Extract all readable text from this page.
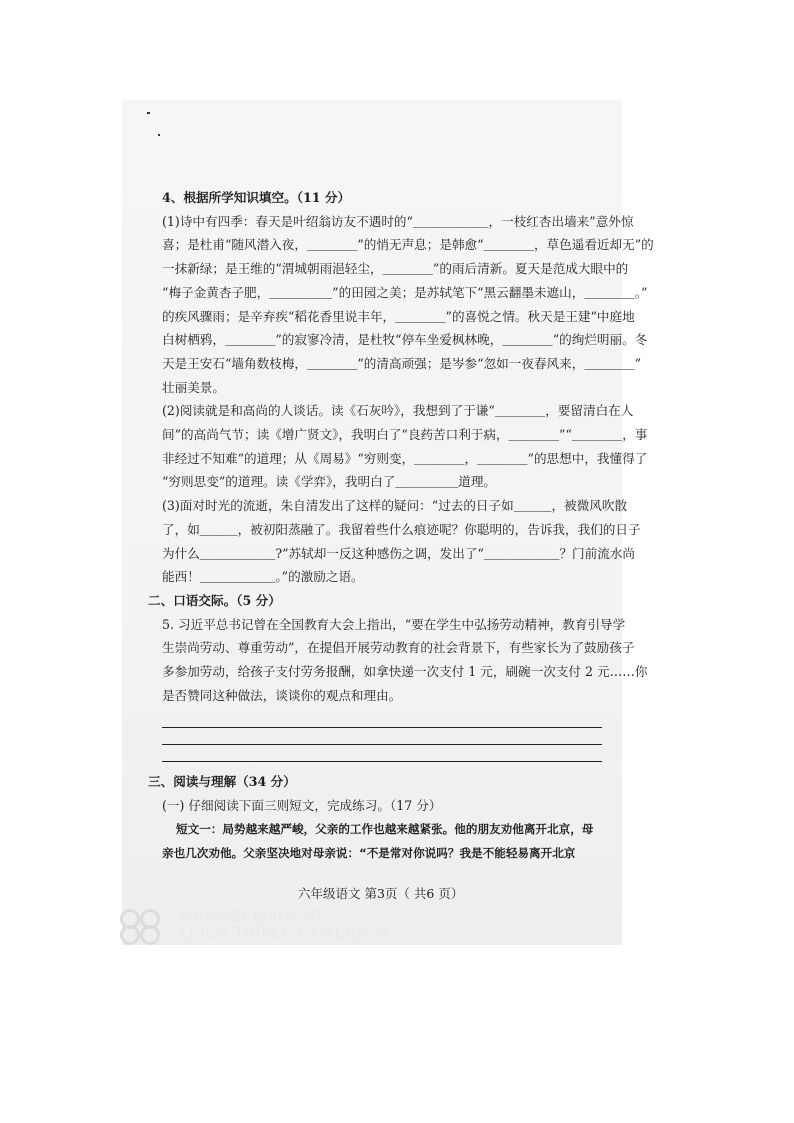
4、根据所学知识填空。（11 分）

(1)诗中有四季：春天是叶绍翁访友不遇时的“＿＿＿＿＿＿，一枝红杏出墙来”意外惊

喜；是杜甫“随风潜入夜，＿＿＿＿”的悄无声息；是韩愈“＿＿＿＿，草色遥看近却无”的

一抹新绿；是王维的“渭城朝雨浥轻尘，＿＿＿＿”的雨后清新。夏天是范成大眼中的

“梅子金黄杏子肥，＿＿＿＿＿”的田园之美；是苏轼笔下“黑云翻墨未遮山，＿＿＿＿。”

的疾风骤雨；是辛弃疾“稻花香里说丰年，＿＿＿＿”的喜悦之情。秋天是王建“中庭地

白树栖鸦，＿＿＿＿”的寂寥冷清，是杜牧“停车坐爱枫林晚，＿＿＿＿”的绚烂明丽。冬

天是王安石“墙角数枝梅，＿＿＿＿”的清高顽强；是岑参“忽如一夜春风来，＿＿＿＿”

壮丽美景。

(2)阅读就是和高尚的人谈话。读《石灰吟》，我想到了于谦“＿＿＿＿，要留清白在人

间”的高尚气节；读《增广贤文》，我明白了“良药苦口利于病，＿＿＿＿”“＿＿＿＿，事

非经过不知难”的道理；从《周易》“穷则变，＿＿＿＿，＿＿＿＿”的思想中，我懂得了

“穷则思变”的道理。读《学弈》，我明白了＿＿＿＿＿道理。

(3)面对时光的流逝，朱自清发出了这样的疑问：“过去的日子如＿＿＿，被微风吹散

了，如＿＿＿，被初阳蒸融了。我留着些什么痕迹呢？你聪明的，告诉我，我们的日子

为什么＿＿＿＿＿＿?”苏轼却一反这种感伤之调，发出了“＿＿＿＿＿＿？门前流水尚

能西！＿＿＿＿＿＿。”的激励之语。

二、口语交际。（5 分）

5. 习近平总书记曾在全国教育大会上指出，“要在学生中弘扬劳动精神，教育引导学

生崇尚劳动、尊重劳动”，在提倡开展劳动教育的社会背景下，有些家长为了鼓励孩子

多参加劳动，给孩子支付劳务报酬，如拿快递一次支付 1 元，刷碗一次支付 2 元……你

是否赞同这种做法，谈谈你的观点和理由。

三、阅读与理解（34 分）

(一) 仔细阅读下面三则短文，完成练习。（17 分）

短文一：局势越来越严峻，父亲的工作也越来越紧张。他的朋友劝他离开北京，母

亲也几次劝他。父亲坚决地对母亲说：“不是常对你说吗？我是不能轻易离开北京

六年级语文 第3页（ 共6 页）
HUAWEI Mate 20
LEICA TRIPLE CAMERA AI
